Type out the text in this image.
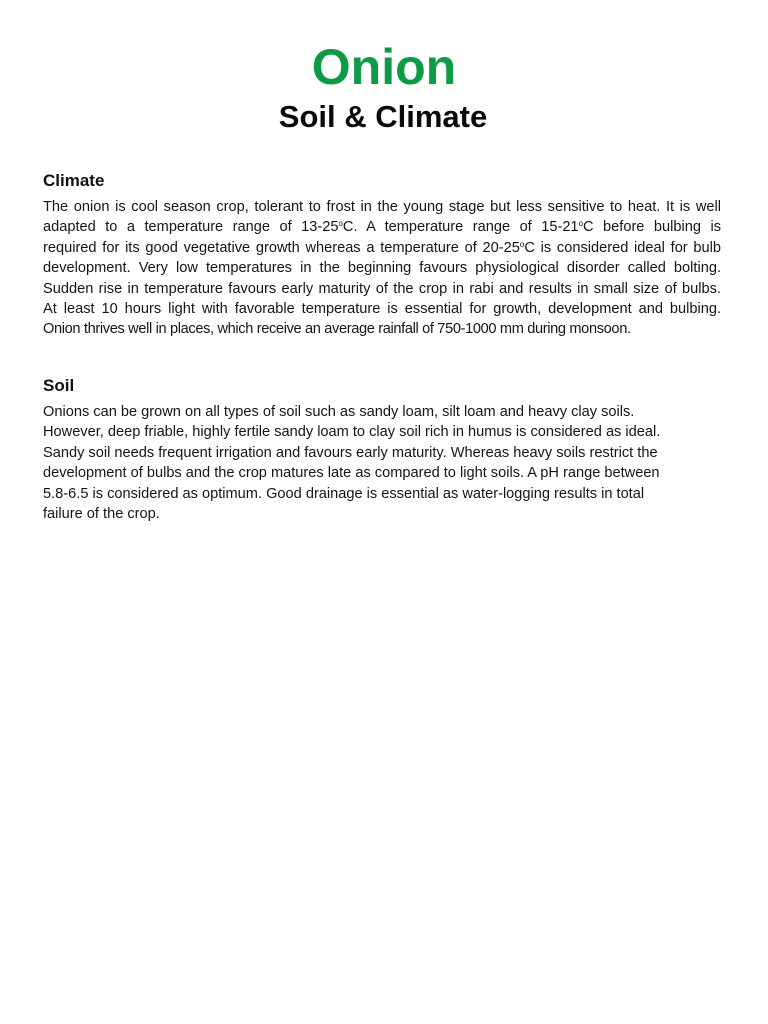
Onion
Soil & Climate
Climate
The onion is cool season crop, tolerant to frost in the young stage but less sensitive to heat. It is well
adapted to a temperature range of 13-25$^o$C. A temperature range of 15-21$^o$C before bulbing is
required for its good vegetative growth whereas a temperature of 20-25$^o$C is considered ideal for bulb
development. Very low temperatures in the beginning favours physiological disorder called bolting.
Sudden rise in temperature favours early maturity of the crop in rabi and results in small size of bulbs.
At least 10 hours light with favorable temperature is essential for growth, development and bulbing.
Onion thrives well in places, which receive an average rainfall of 750-1000 mm during monsoon.
Soil
Onions can be grown on all types of soil such as sandy loam, silt loam and heavy clay soils.
However, deep friable, highly fertile sandy loam to clay soil rich in humus is considered as ideal.
Sandy soil needs frequent irrigation and favours early maturity. Whereas heavy soils restrict the
development of bulbs and the crop matures late as compared to light soils. A pH range between
5.8-6.5 is considered as optimum. Good drainage is essential as water-logging results in total
failure of the crop.
